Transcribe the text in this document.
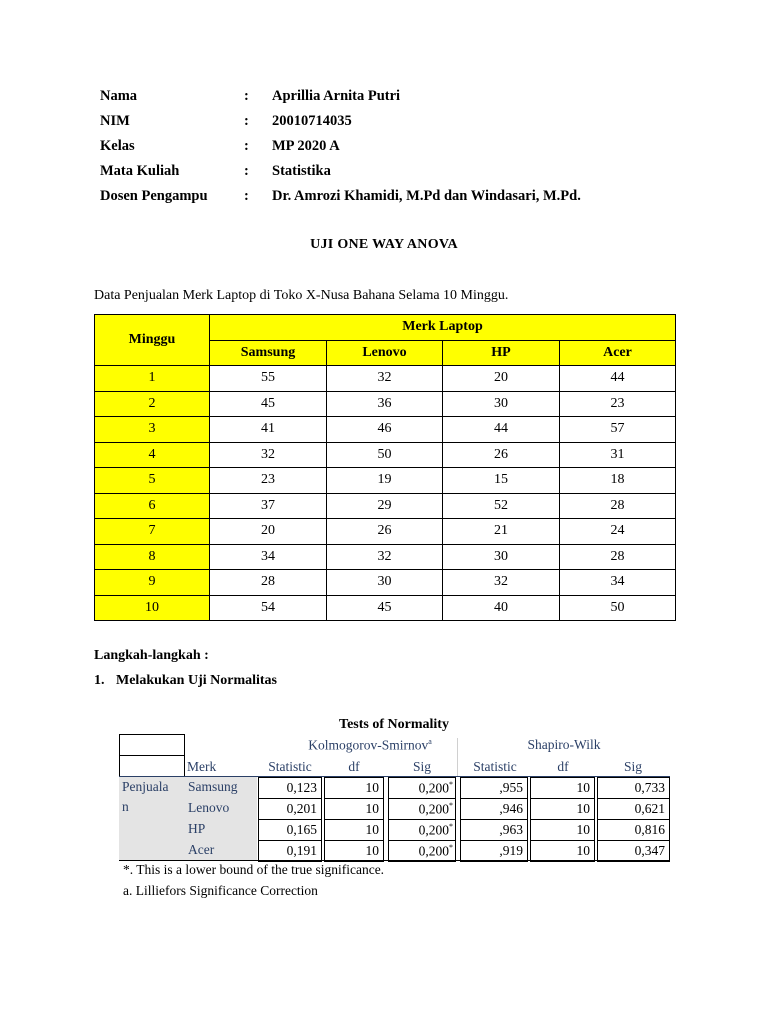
Nama	: Aprillia Arnita Putri
NIM	: 20010714035
Kelas	: MP 2020 A
Mata Kuliah	: Statistika
Dosen Pengampu	: Dr. Amrozi Khamidi, M.Pd dan Windasari, M.Pd.
UJI ONE WAY ANOVA
Data Penjualan Merk Laptop di Toko X-Nusa Bahana Selama 10 Minggu.
Minggu	Merk Laptop			
	Samsung	Lenovo	HP	Acer
1	55	32	20	44
2	45	36	30	23
3	41	46	44	57
4	32	50	26	31
5	23	19	15	18
6	37	29	52	28
7	20	26	21	24
8	34	32	30	28
9	28	30	32	34
10	54	45	40	50
Langkah-langkah :
1. Melakukan Uji Normalitas
Tests of Normality
Kolmogorov-Smirnov$^a$	Shapiro-Wilk
Merk	Statistic	df	Sig	Statistic	df	Sig
Penjuala
n
Samsung	0,123	10	0,200*	,955	10	0,733
Lenovo	0,201	10	0,200*	,946	10	0,621
HP	0,165	10	0,200*	,963	10	0,816
Acer	0,191	10	0,200*	,919	10	0,347
*. This is a lower bound of the true significance.
a. Lilliefors Significance Correction
